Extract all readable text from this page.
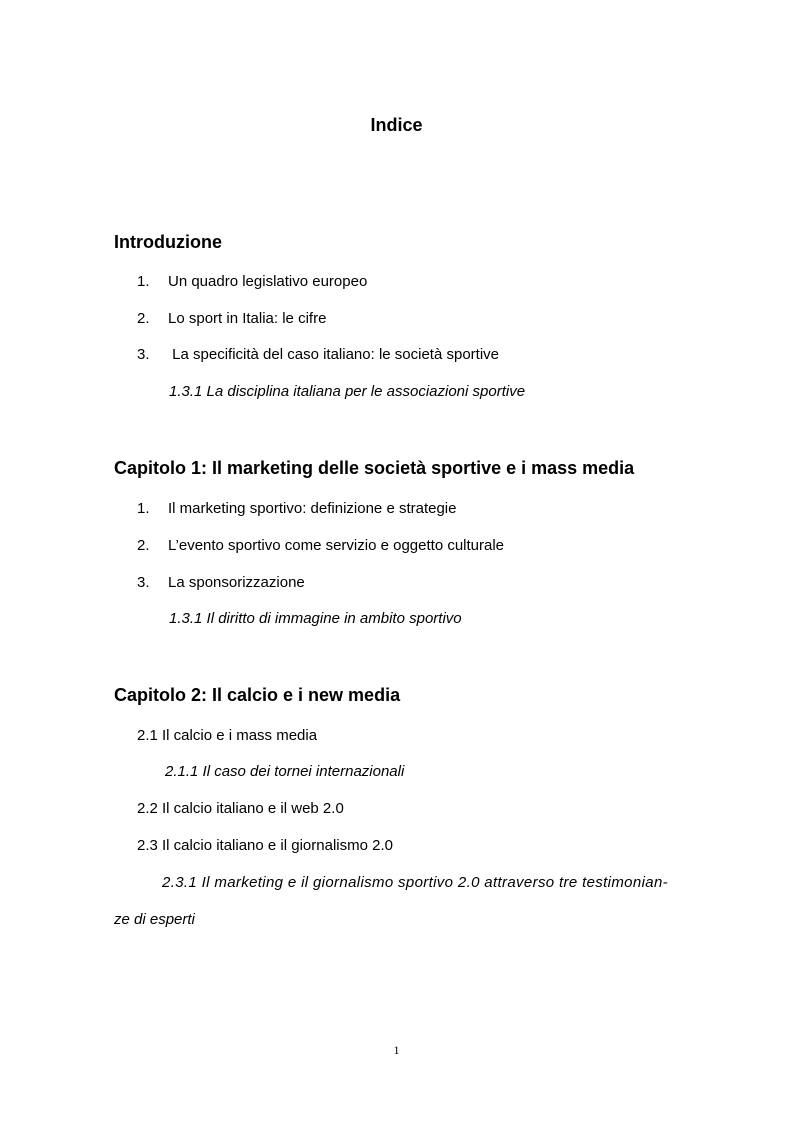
Indice
Introduzione
1. Un quadro legislativo europeo
2. Lo sport in Italia: le cifre
3. La specificità del caso italiano: le società sportive
1.3.1 La disciplina italiana per le associazioni sportive
Capitolo 1: Il marketing delle società sportive e i mass media
1. Il marketing sportivo: definizione e strategie
2. L’evento sportivo come servizio e oggetto culturale
3. La sponsorizzazione
1.3.1 Il diritto di immagine in ambito sportivo
Capitolo 2: Il calcio e i new media
2.1 Il calcio e i mass media
2.1.1 Il caso dei tornei internazionali
2.2 Il calcio italiano e il web 2.0
2.3 Il calcio italiano e il giornalismo 2.0
2.3.1 Il marketing e il giornalismo sportivo 2.0 attraverso tre testimonian-
ze di esperti
1
